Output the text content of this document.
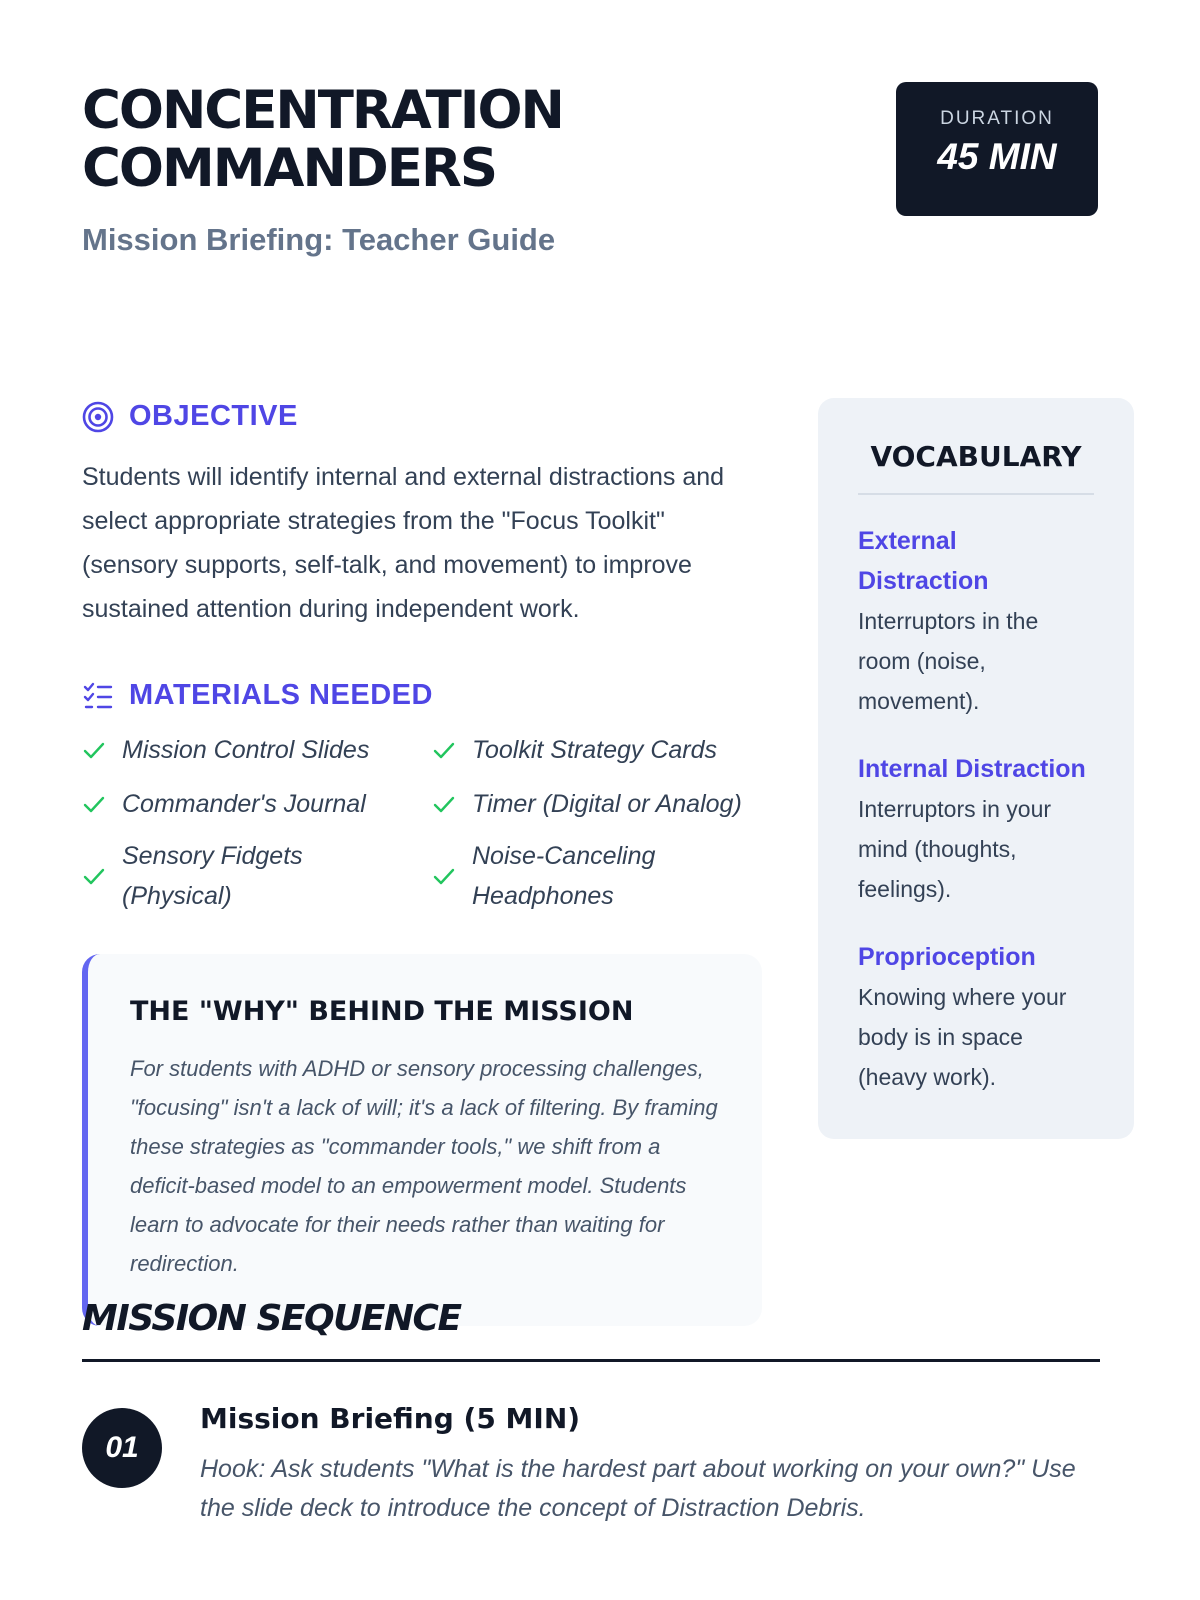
CONCENTRATION
COMMANDERS
Mission Briefing: Teacher Guide
DURATION
45 MIN
OBJECTIVE

Students will identify internal and external distractions and select appropriate strategies from the "Focus Toolkit" (sensory supports, self-talk, and movement) to improve sustained attention during independent work.

MATERIALS NEEDED
Mission Control Slides	Toolkit Strategy Cards
Commander's Journal	Timer (Digital or Analog)
Sensory Fidgets (Physical)
Noise-Canceling Headphones
THE "WHY" BEHIND THE MISSION

For students with ADHD or sensory processing challenges, "focusing" isn't a lack of will; it's a lack of filtering. By framing these strategies as "commander tools," we shift from a deficit-based model to an empowerment model. Students learn to advocate for their needs rather than waiting for redirection.

VOCABULARY
External Distraction
Interruptors in the room (noise, movement).
Internal Distraction
Interruptors in your mind (thoughts, feelings).
Proprioception
Knowing where your body is in space (heavy work).
MISSION SEQUENCE
01
Mission Briefing (5 MIN)
Hook: Ask students "What is the hardest part about working on your own?" Use the slide deck to introduce the concept of Distraction Debris.
